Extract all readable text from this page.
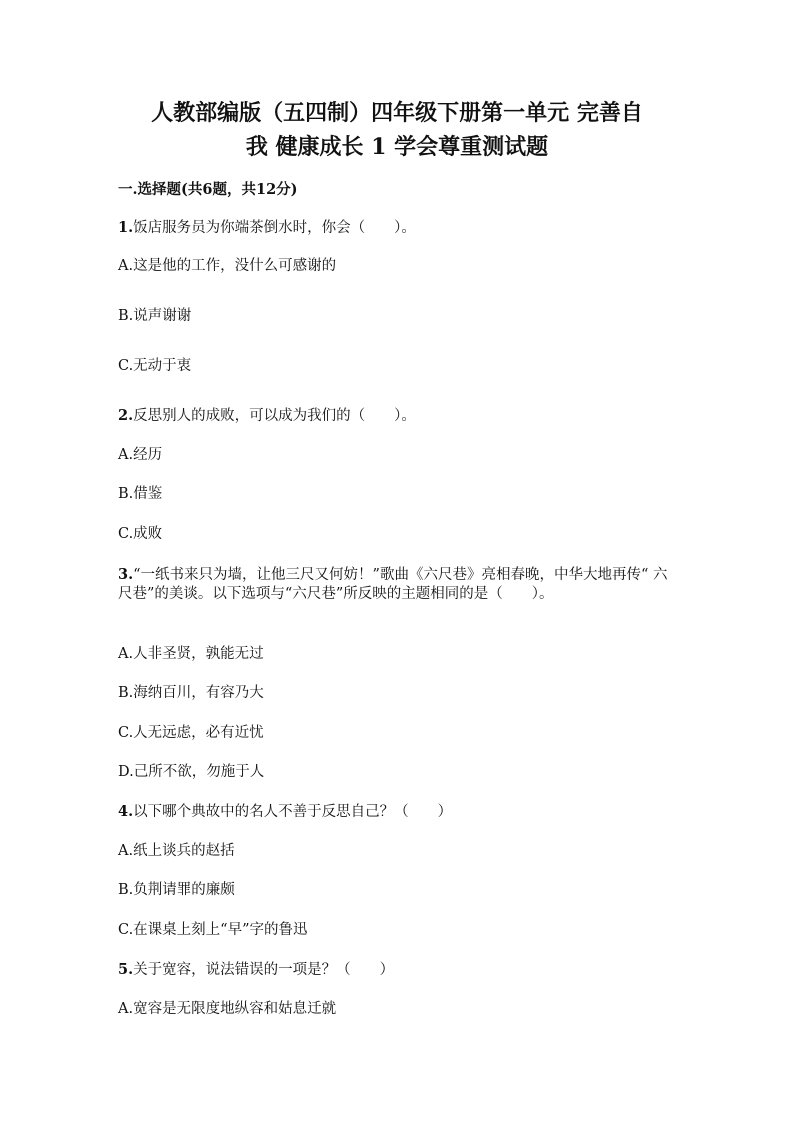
人教部编版（五四制）四年级下册第一单元 完善自
我 健康成长 1 学会尊重测试题
一.选择题(共6题，共12分)
1.饭店服务员为你端茶倒水时，你会（　　）。
A.这是他的工作，没什么可感谢的
B.说声谢谢
C.无动于衷
2.反思别人的成败，可以成为我们的（　　）。
A.经历
B.借鉴
C.成败
3.“一纸书来只为墙，让他三尺又何妨！”歌曲《六尺巷》亮相春晚，中华大地再传“ 六尺巷”的美谈。以下选项与“六尺巷”所反映的主题相同的是（　　）。
A.人非圣贤，孰能无过
B.海纳百川，有容乃大
C.人无远虑，必有近忧
D.己所不欲，勿施于人
4.以下哪个典故中的名人不善于反思自己？（　　）
A.纸上谈兵的赵括
B.负荆请罪的廉颇
C.在课桌上刻上“早”字的鲁迅
5.关于宽容，说法错误的一项是？（　　）
A.宽容是无限度地纵容和姑息迁就
